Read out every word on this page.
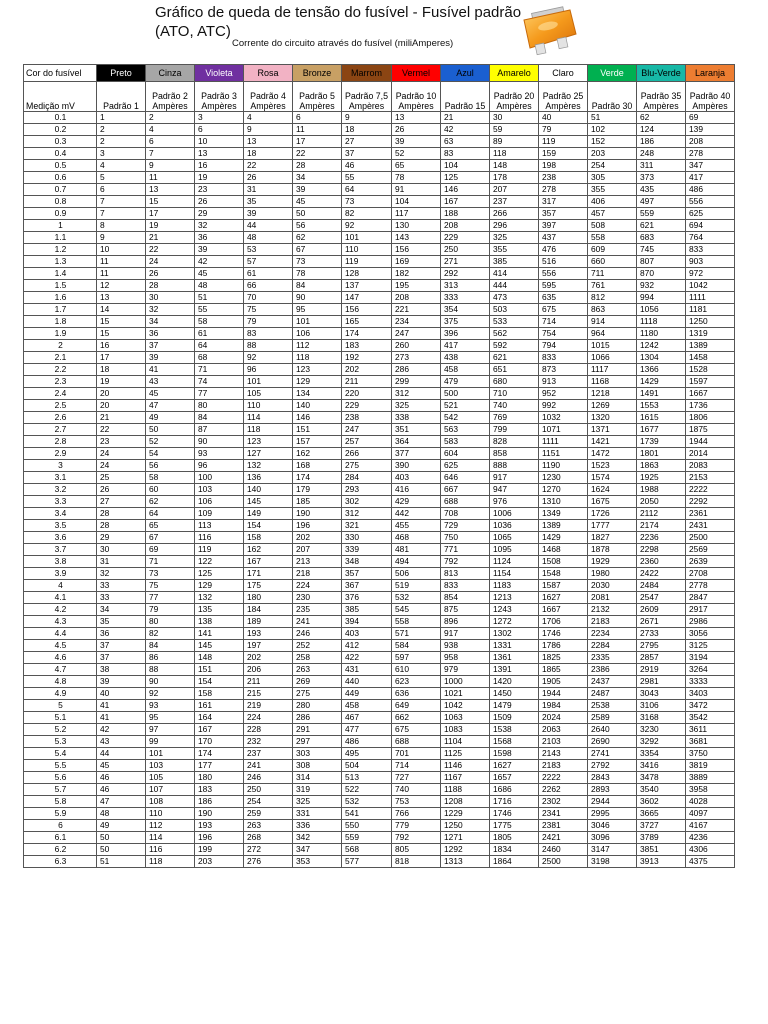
Gráfico de queda de tensão do fusível - Fusível padrão (ATO, ATC)
Corrente do circuito através do fusível (miliAmperes)
Cor do fusível	Preto	Cinza	Violeta	Rosa	Bronze	Marrom	Vermel	Azul	Amarelo	Claro	Verde	Blu-Verde	Laranja
Medição mV	Padrão 1	Padrão 2 Ampères	Padrão 3 Ampères	Padrão 4 Ampères	Padrão 5 Ampères	Padrão 7,5 Ampères	Padrão 10 Ampères	Padrão 15	Padrão 20 Ampères	Padrão 25 Ampères	Padrão 30	Padrão 35 Ampères	Padrão 40 Ampères
0.1	1	2	3	4	6	9	13	21	30	40	51	62	69
0.2	2	4	6	9	11	18	26	42	59	79	102	124	139
0.3	2	6	10	13	17	27	39	63	89	119	152	186	208
0.4	3	7	13	18	22	37	52	83	118	159	203	248	278
0.5	4	9	16	22	28	46	65	104	148	198	254	311	347
0.6	5	11	19	26	34	55	78	125	178	238	305	373	417
0.7	6	13	23	31	39	64	91	146	207	278	355	435	486
0.8	7	15	26	35	45	73	104	167	237	317	406	497	556
0.9	7	17	29	39	50	82	117	188	266	357	457	559	625
1	8	19	32	44	56	92	130	208	296	397	508	621	694
1.1	9	21	36	48	62	101	143	229	325	437	558	683	764
1.2	10	22	39	53	67	110	156	250	355	476	609	745	833
1.3	11	24	42	57	73	119	169	271	385	516	660	807	903
1.4	11	26	45	61	78	128	182	292	414	556	711	870	972
1.5	12	28	48	66	84	137	195	313	444	595	761	932	1042
1.6	13	30	51	70	90	147	208	333	473	635	812	994	1111
1.7	14	32	55	75	95	156	221	354	503	675	863	1056	1181
1.8	15	34	58	79	101	165	234	375	533	714	914	1118	1250
1.9	15	36	61	83	106	174	247	396	562	754	964	1180	1319
2	16	37	64	88	112	183	260	417	592	794	1015	1242	1389
2.1	17	39	68	92	118	192	273	438	621	833	1066	1304	1458
2.2	18	41	71	96	123	202	286	458	651	873	1117	1366	1528
2.3	19	43	74	101	129	211	299	479	680	913	1168	1429	1597
2.4	20	45	77	105	134	220	312	500	710	952	1218	1491	1667
2.5	20	47	80	110	140	229	325	521	740	992	1269	1553	1736
2.6	21	49	84	114	146	238	338	542	769	1032	1320	1615	1806
2.7	22	50	87	118	151	247	351	563	799	1071	1371	1677	1875
2.8	23	52	90	123	157	257	364	583	828	1111	1421	1739	1944
2.9	24	54	93	127	162	266	377	604	858	1151	1472	1801	2014
3	24	56	96	132	168	275	390	625	888	1190	1523	1863	2083
3.1	25	58	100	136	174	284	403	646	917	1230	1574	1925	2153
3.2	26	60	103	140	179	293	416	667	947	1270	1624	1988	2222
3.3	27	62	106	145	185	302	429	688	976	1310	1675	2050	2292
3.4	28	64	109	149	190	312	442	708	1006	1349	1726	2112	2361
3.5	28	65	113	154	196	321	455	729	1036	1389	1777	2174	2431
3.6	29	67	116	158	202	330	468	750	1065	1429	1827	2236	2500
3.7	30	69	119	162	207	339	481	771	1095	1468	1878	2298	2569
3.8	31	71	122	167	213	348	494	792	1124	1508	1929	2360	2639
3.9	32	73	125	171	218	357	506	813	1154	1548	1980	2422	2708
4	33	75	129	175	224	367	519	833	1183	1587	2030	2484	2778
4.1	33	77	132	180	230	376	532	854	1213	1627	2081	2547	2847
4.2	34	79	135	184	235	385	545	875	1243	1667	2132	2609	2917
4.3	35	80	138	189	241	394	558	896	1272	1706	2183	2671	2986
4.4	36	82	141	193	246	403	571	917	1302	1746	2234	2733	3056
4.5	37	84	145	197	252	412	584	938	1331	1786	2284	2795	3125
4.6	37	86	148	202	258	422	597	958	1361	1825	2335	2857	3194
4.7	38	88	151	206	263	431	610	979	1391	1865	2386	2919	3264
4.8	39	90	154	211	269	440	623	1000	1420	1905	2437	2981	3333
4.9	40	92	158	215	275	449	636	1021	1450	1944	2487	3043	3403
5	41	93	161	219	280	458	649	1042	1479	1984	2538	3106	3472
5.1	41	95	164	224	286	467	662	1063	1509	2024	2589	3168	3542
5.2	42	97	167	228	291	477	675	1083	1538	2063	2640	3230	3611
5.3	43	99	170	232	297	486	688	1104	1568	2103	2690	3292	3681
5.4	44	101	174	237	303	495	701	1125	1598	2143	2741	3354	3750
5.5	45	103	177	241	308	504	714	1146	1627	2183	2792	3416	3819
5.6	46	105	180	246	314	513	727	1167	1657	2222	2843	3478	3889
5.7	46	107	183	250	319	522	740	1188	1686	2262	2893	3540	3958
5.8	47	108	186	254	325	532	753	1208	1716	2302	2944	3602	4028
5.9	48	110	190	259	331	541	766	1229	1746	2341	2995	3665	4097
6	49	112	193	263	336	550	779	1250	1775	2381	3046	3727	4167
6.1	50	114	196	268	342	559	792	1271	1805	2421	3096	3789	4236
6.2	50	116	199	272	347	568	805	1292	1834	2460	3147	3851	4306
6.3	51	118	203	276	353	577	818	1313	1864	2500	3198	3913	4375
